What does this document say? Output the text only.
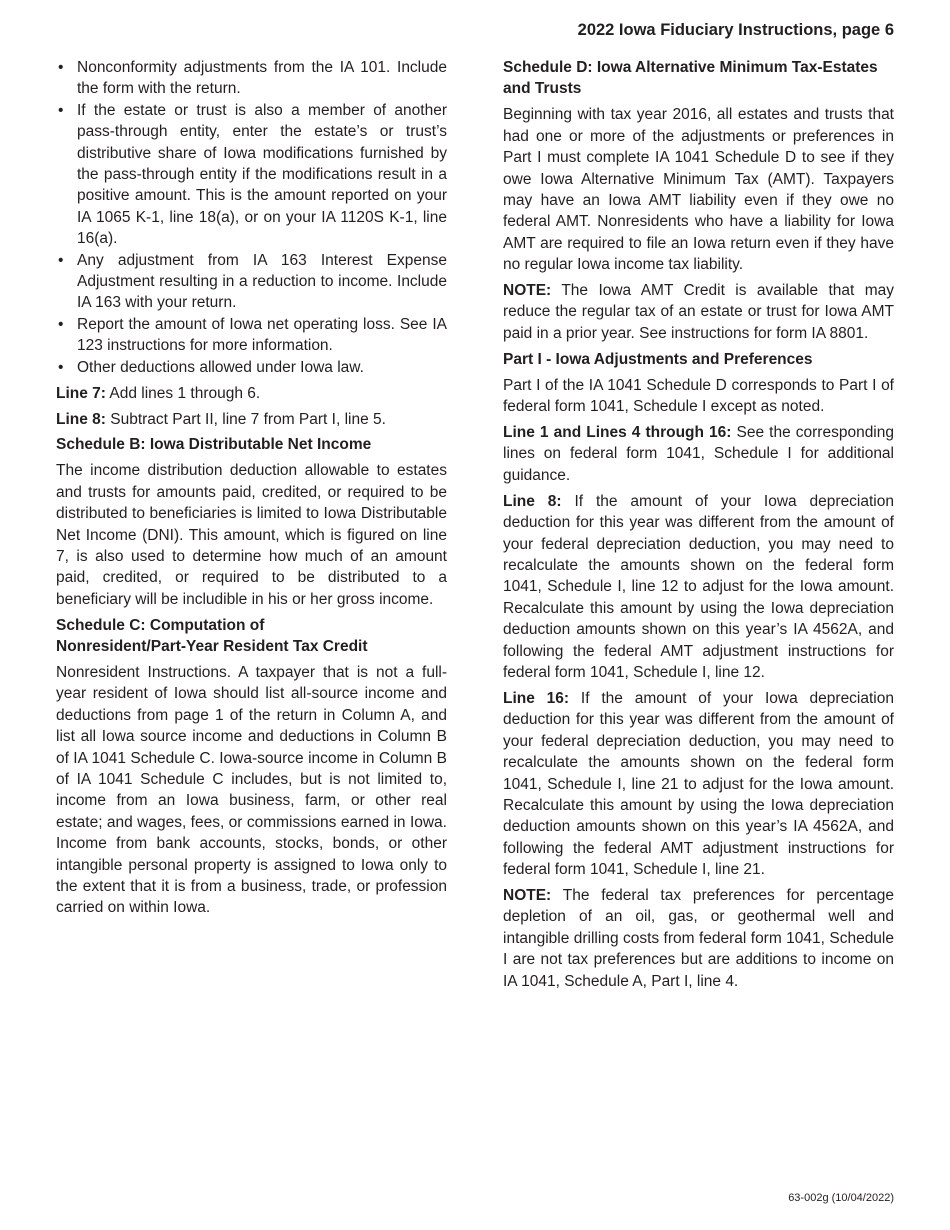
2022 Iowa Fiduciary Instructions, page 6
• Nonconformity adjustments from the IA 101. Include the form with the return.
• If the estate or trust is also a member of another pass-through entity, enter the estate’s or trust’s distributive share of Iowa modifications furnished by the pass-through entity if the modifications result in a positive amount. This is the amount reported on your IA 1065 K-1, line 18(a), or on your IA 1120S K-1, line 16(a).
• Any adjustment from IA 163 Interest Expense Adjustment resulting in a reduction to income. Include IA 163 with your return.
• Report the amount of Iowa net operating loss. See IA 123 instructions for more information.
• Other deductions allowed under Iowa law.

Line 7: Add lines 1 through 6.

Line 8: Subtract Part II, line 7 from Part I, line 5.

Schedule B: Iowa Distributable Net Income

The income distribution deduction allowable to estates and trusts for amounts paid, credited, or required to be distributed to beneficiaries is limited to Iowa Distributable Net Income (DNI). This amount, which is figured on line 7, is also used to determine how much of an amount paid, credited, or required to be distributed to a beneficiary will be includible in his or her gross income.

Schedule C: Computation of
Nonresident/Part-Year Resident Tax Credit

Nonresident Instructions. A taxpayer that is not a full-year resident of Iowa should list all-source income and deductions from page 1 of the return in Column A, and list all Iowa source income and deductions in Column B of IA 1041 Schedule C. Iowa-source income in Column B of IA 1041 Schedule C includes, but is not limited to, income from an Iowa business, farm, or other real estate; and wages, fees, or commissions earned in Iowa. Income from bank accounts, stocks, bonds, or other intangible personal property is assigned to Iowa only to the extent that it is from a business, trade, or profession carried on within Iowa.

Schedule D: Iowa Alternative Minimum Tax-Estates and Trusts

Beginning with tax year 2016, all estates and trusts that had one or more of the adjustments or preferences in Part I must complete IA 1041 Schedule D to see if they owe Iowa Alternative Minimum Tax (AMT). Taxpayers may have an Iowa AMT liability even if they owe no federal AMT. Nonresidents who have a liability for Iowa AMT are required to file an Iowa return even if they have no regular Iowa income tax liability.

NOTE: The Iowa AMT Credit is available that may reduce the regular tax of an estate or trust for Iowa AMT paid in a prior year. See instructions for form IA 8801.

Part I - Iowa Adjustments and Preferences

Part I of the IA 1041 Schedule D corresponds to Part I of federal form 1041, Schedule I except as noted.

Line 1 and Lines 4 through 16: See the corresponding lines on federal form 1041, Schedule I for additional guidance.

Line 8: If the amount of your Iowa depreciation deduction for this year was different from the amount of your federal depreciation deduction, you may need to recalculate the amounts shown on the federal form 1041, Schedule I, line 12 to adjust for the Iowa amount. Recalculate this amount by using the Iowa depreciation deduction amounts shown on this year’s IA 4562A, and following the federal AMT adjustment instructions for federal form 1041, Schedule I, line 12.

Line 16: If the amount of your Iowa depreciation deduction for this year was different from the amount of your federal depreciation deduction, you may need to recalculate the amounts shown on the federal form 1041, Schedule I, line 21 to adjust for the Iowa amount. Recalculate this amount by using the Iowa depreciation deduction amounts shown on this year’s IA 4562A, and following the federal AMT adjustment instructions for federal form 1041, Schedule I, line 21.

NOTE: The federal tax preferences for percentage depletion of an oil, gas, or geothermal well and intangible drilling costs from federal form 1041, Schedule I are not tax preferences but are additions to income on IA 1041, Schedule A, Part I, line 4.

63-002g (10/04/2022)
